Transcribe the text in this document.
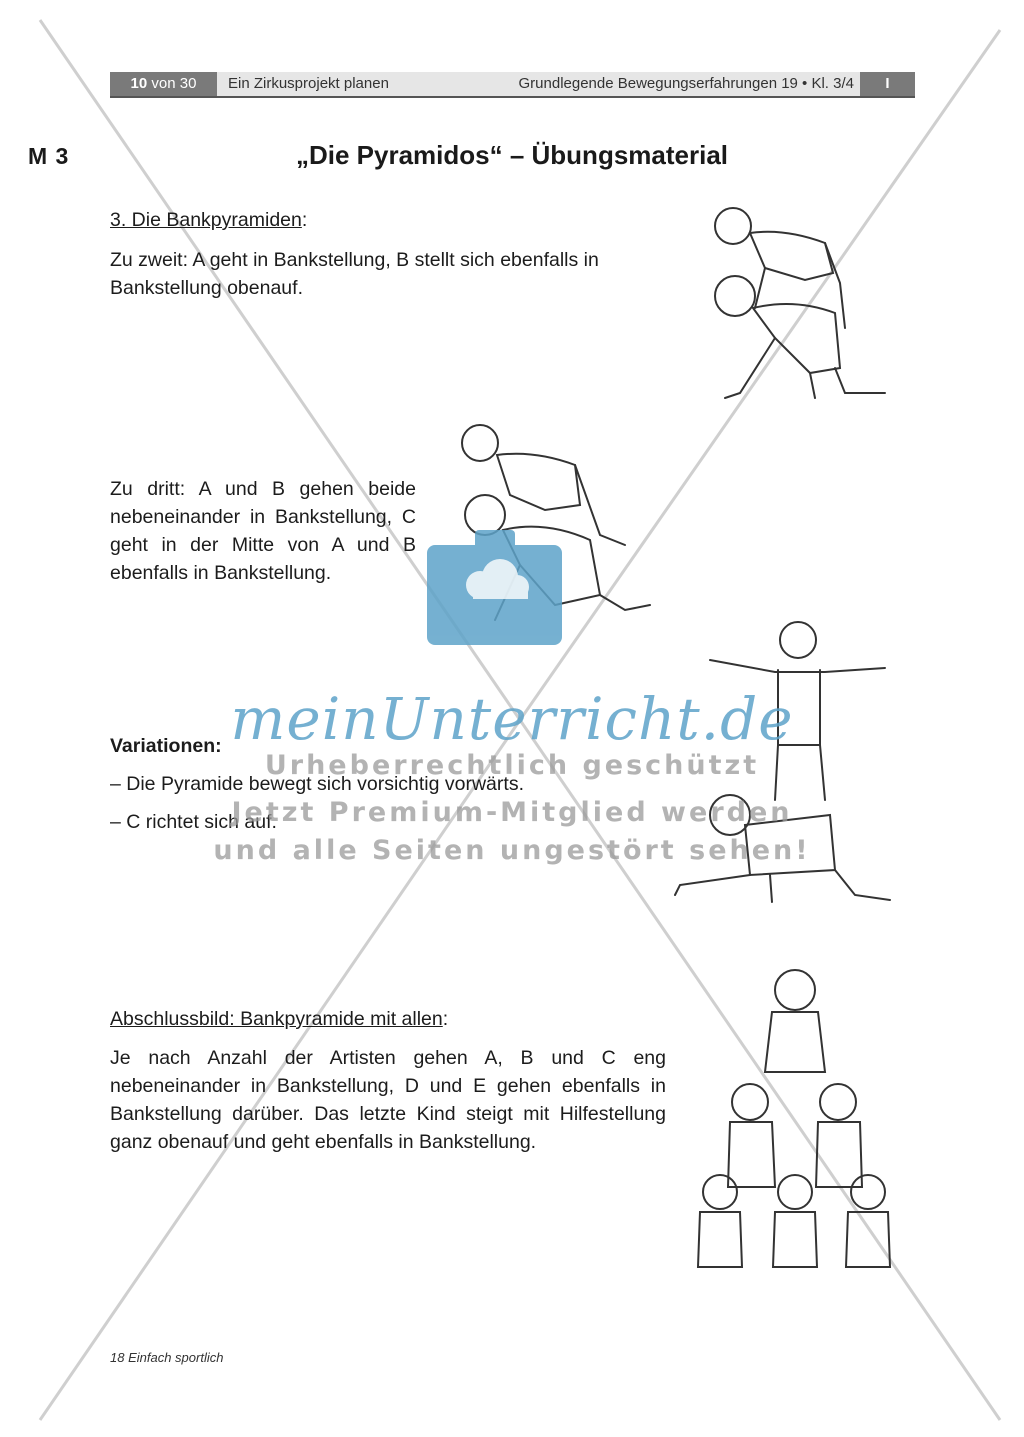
10 von 30	Ein Zirkusprojekt planen	Grundlegende Bewegungserfahrungen 19 • Kl. 3/4	I
M 3	„Die Pyramidos“ – Übungsmaterial
3. Die Bankpyramiden:
Zu zweit: A geht in Bankstellung, B stellt sich ebenfalls in Bankstellung obenauf.
Zu dritt: A und B gehen beide nebeneinander in Bankstellung, C geht in der Mitte von A und B ebenfalls in Bankstellung.
Variationen:
– Die Pyramide bewegt sich vorsichtig vorwärts.
– C richtet sich auf.
Abschlussbild: Bankpyramide mit allen:
Je nach Anzahl der Artisten gehen A, B und C eng nebeneinander in Bankstellung, D und E gehen ebenfalls in Bankstellung darüber. Das letzte Kind steigt mit Hilfestellung ganz obenauf und geht ebenfalls in Bankstellung.
meinUnterricht.de
Urheberrechtlich geschützt
Jetzt Premium-Mitglied werden
und alle Seiten ungestört sehen!
18 Einfach sportlich
